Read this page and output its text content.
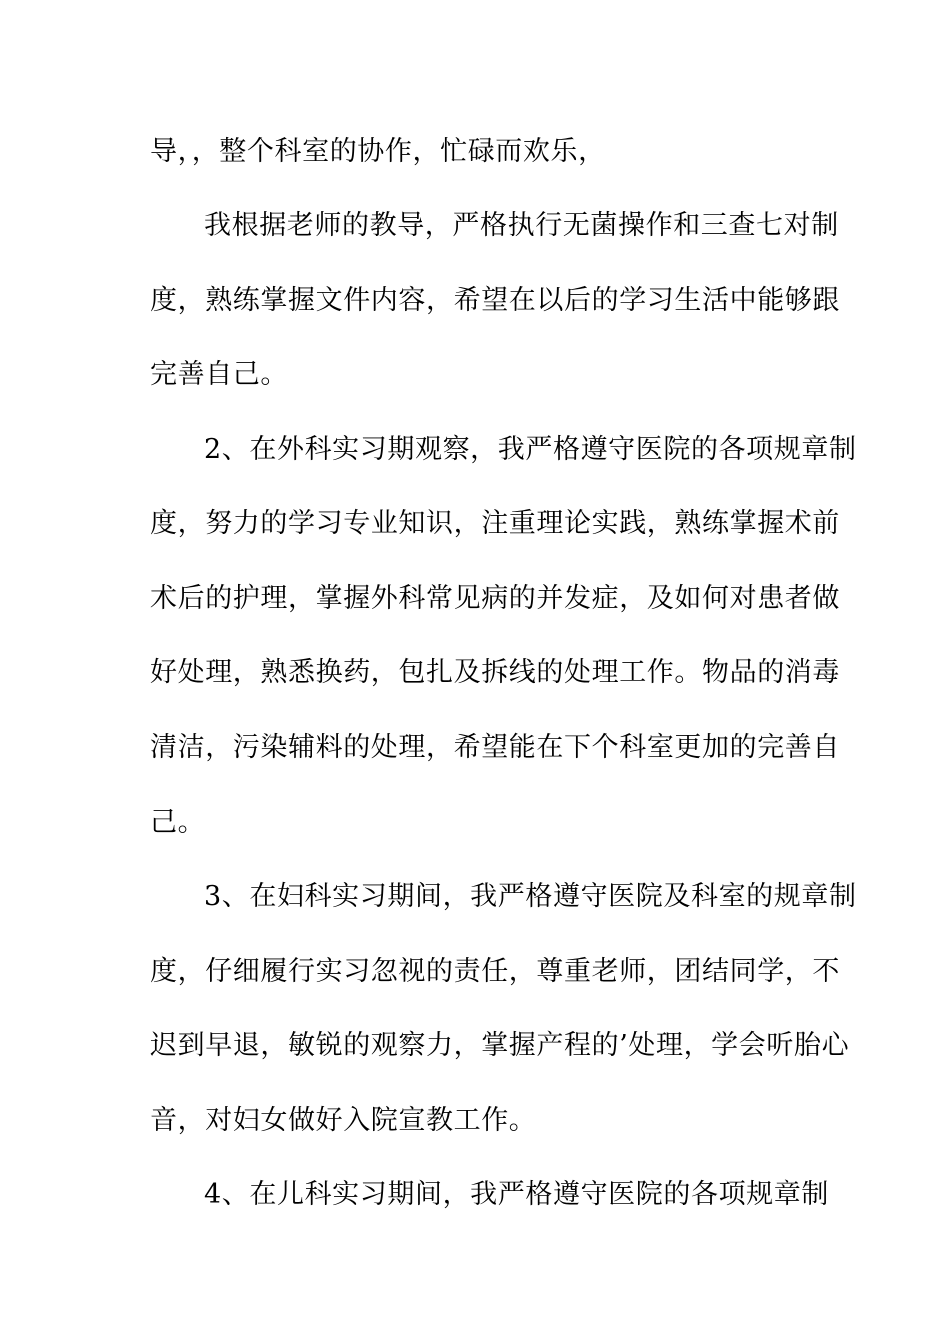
导，，整个科室的协作，忙碌而欢乐，
我根据老师的教导，严格执行无菌操作和三查七对制
度，熟练掌握文件内容，希望在以后的学习生活中能够跟
完善自己。
2、在外科实习期观察，我严格遵守医院的各项规章制
度，努力的学习专业知识，注重理论实践，熟练掌握术前
术后的护理，掌握外科常见病的并发症，及如何对患者做
好处理，熟悉换药，包扎及拆线的处理工作。物品的消毒
清洁，污染辅料的处理，希望能在下个科室更加的完善自
己。
3、在妇科实习期间，我严格遵守医院及科室的规章制
度，仔细履行实习忽视的责任，尊重老师，团结同学，不
迟到早退，敏锐的观察力，掌握产程的’处理，学会听胎心
音，对妇女做好入院宣教工作。
4、在儿科实习期间，我严格遵守医院的各项规章制
